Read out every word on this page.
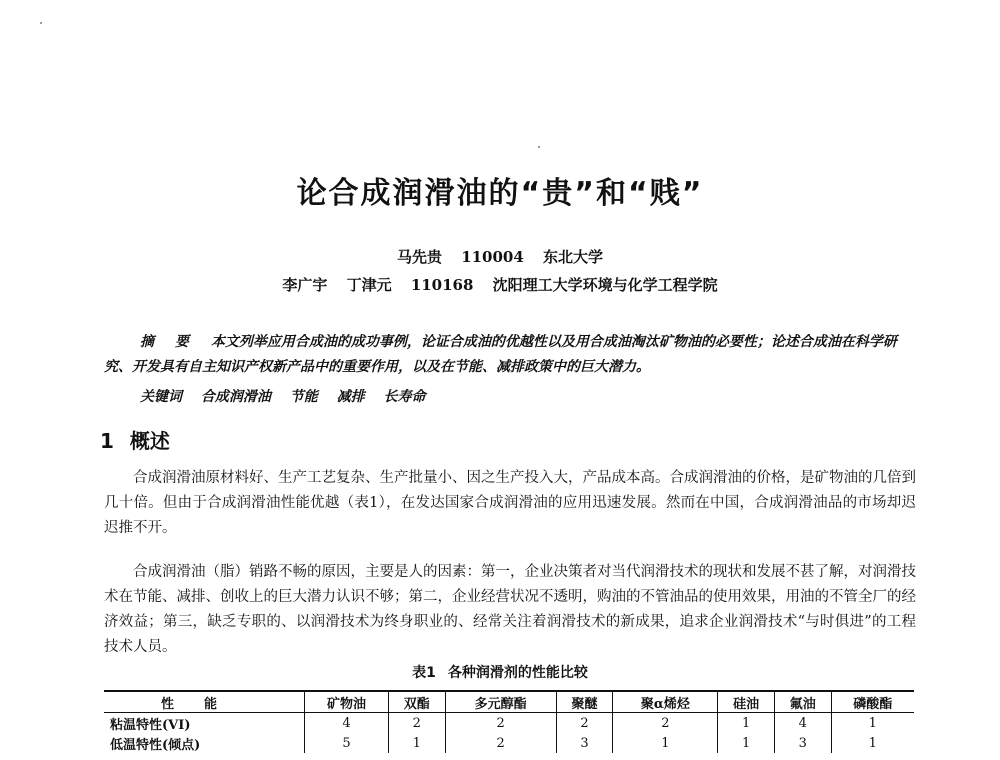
论合成润滑油的“贵”和“贱”
马先贵 110004 东北大学
李广宇 丁津元 110168 沈阳理工大学环境与化学工程学院
摘 要 本文列举应用合成油的成功事例，论证合成油的优越性以及用合成油淘汰矿物油的必要性；论述合成油在科学研究、开发具有自主知识产权新产品中的重要作用，以及在节能、减排政策中的巨大潜力。
关键词 合成润滑油 节能 减排 长寿命
1 概述
合成润滑油原材料好、生产工艺复杂、生产批量小、因之生产投入大，产品成本高。合成润滑油的价格，是矿物油的几倍到几十倍。但由于合成润滑油性能优越（表1），在发达国家合成润滑油的应用迅速发展。然而在中国，合成润滑油品的市场却迟迟推不开。
合成润滑油（脂）销路不畅的原因，主要是人的因素：第一，企业决策者对当代润滑技术的现状和发展不甚了解，对润滑技术在节能、减排、创收上的巨大潜力认识不够；第二，企业经营状况不透明，购油的不管油品的使用效果，用油的不管全厂的经济效益；第三，缺乏专职的、以润滑技术为终身职业的、经常关注着润滑技术的新成果，追求企业润滑技术“与时俱进”的工程技术人员。
表1 各种润滑剂的性能比较
性能	矿物油	双酯	多元醇酯	聚醚	聚α烯烃	硅油	氟油	磷酸酯
粘温特性(VI)	4	2	2	2	2	1	4	1
低温特性(倾点)	5	1	2	3	1	1	3	1
